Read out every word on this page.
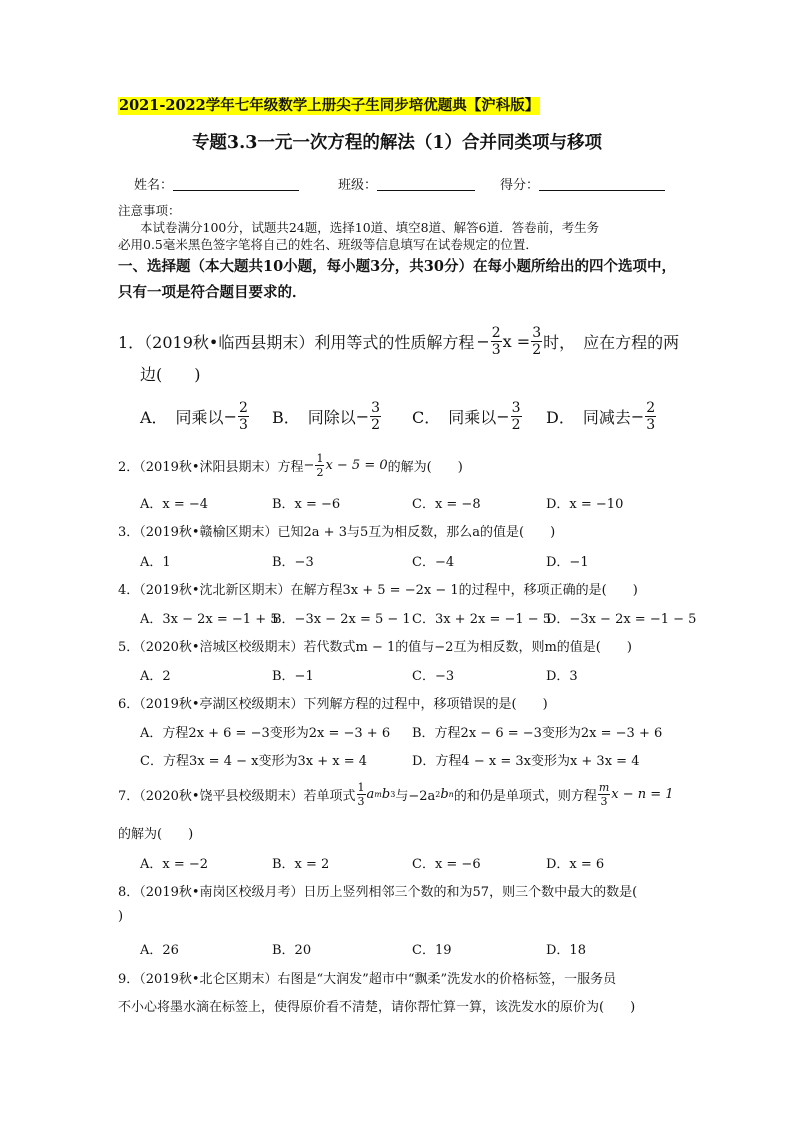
2021-2022学年七年级数学上册尖子生同步培优题典【沪科版】
专题3.3一元一次方程的解法（1）合并同类项与移项
姓名：	班级：	得分：
注意事项：
本试卷满分100分，试题共24题，选择10道、填空8道、解答6道．答卷前，考生务
必用0.5毫米黑色签字笔将自己的姓名、班级等信息填写在试卷规定的位置．
一、选择题（本大题共10小题，每小题3分，共30分）在每小题所给出的四个选项中，
只有一项是符合题目要求的．
1．（2019秋•临西县期末）利用等式的性质解方程 − $\frac{2}{3}$ $x = \frac{3}{2}$ 时，　应在方程的两
边(　　)
A．　同乘以 − $\frac{2}{3}$ B．　同除以 − $\frac{3}{2}$ C．　同乘以 − $\frac{3}{2}$ D．　同减去 − $\frac{2}{3}$
2．（2019秋•沭阳县期末）方程 − $\frac{1}{2}$ x − 5 = 0 的解为(　　)
A．x = −4	B．x = −6	C．x = −8	D．x = −10
3．（2019秋•赣榆区期末）已知2a + 3与5互为相反数，那么a的值是(　　)
A．1	B．−3	C．−4	D．−1
4．（2019秋•沈北新区期末）在解方程3x + 5 = −2x − 1的过程中，移项正确的是(　　)
A．3x − 2x = −1 + 5
B．−3x − 2x = 5 − 1 C．3x + 2x = −1 − 5
D．−3x − 2x = −1 − 5
5．（2020秋•涪城区校级期末）若代数式m − 1的值与−2互为相反数，则m的值是(　　)
A．2	B．−1	C．−3	D．3
6．（2019秋•亭湖区校级期末）下列解方程的过程中，移项错误的是(　　)
A．方程2x + 6 = −3变形为2x = −3 + 6 B．方程2x − 6 = −3变形为2x = −3 + 6
C．方程3x = 4 − x变形为3x + x = 4	D．方程4 − x = 3x变形为x + 3x = 4
7．（2020秋•饶平县校级期末）若单项式 $\frac{1}{3}$ a m b 3 与−2a 2 b n 的和仍是单项式，则方程 $\frac{m}{3}$ x − n = 1
的解为(　　)
A．x = −2	B．x = 2	C．x = −6	D．x = 6
8．（2019秋•南岗区校级月考）日历上竖列相邻三个数的和为57，则三个数中最大的数是(
)
A．26	B．20	C．19	D．18
9．（2019秋•北仑区期末）右图是“大润发”超市中“飘柔”洗发水的价格标签，一服务员
不小心将墨水滴在标签上，使得原价看不清楚，请你帮忙算一算，该洗发水的原价为(　　)
